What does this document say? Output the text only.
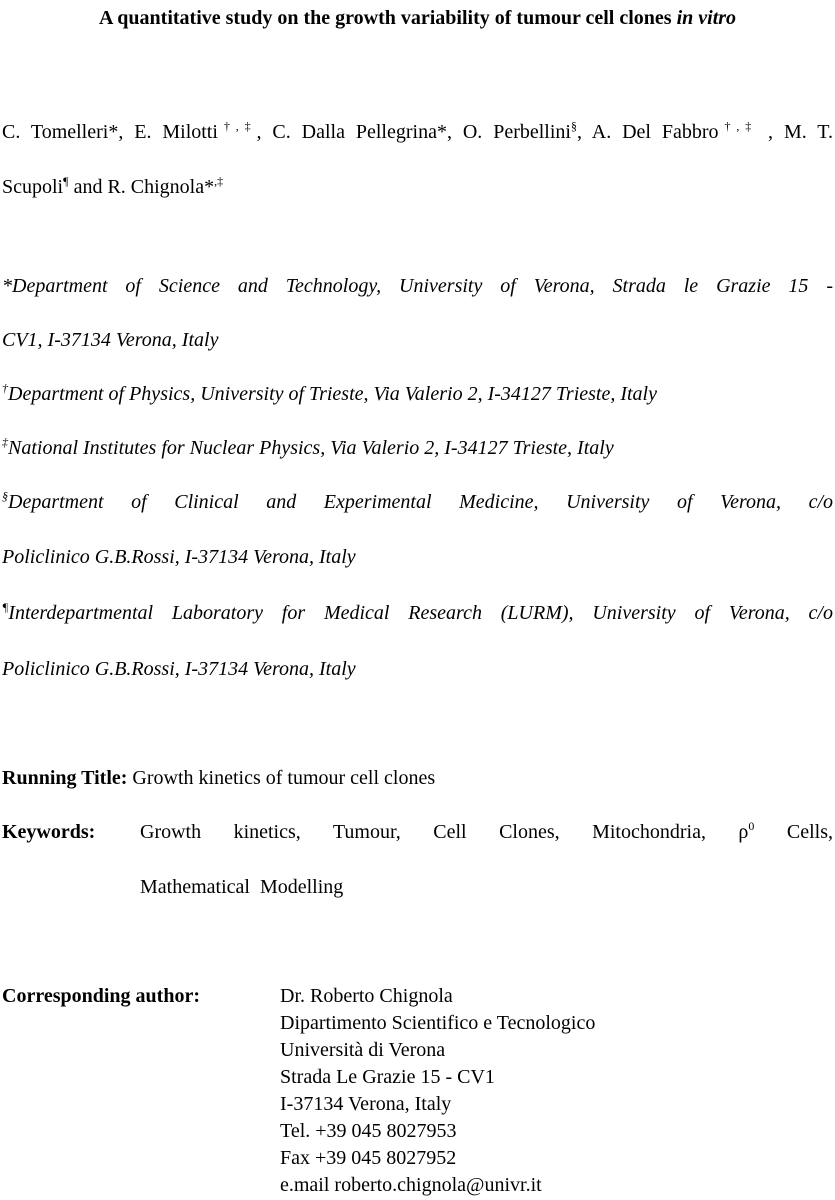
A quantitative study on the growth variability of tumour cell clones in vitro
C. Tomelleri*, E. Milotti†,‡, C. Dalla Pellegrina*, O. Perbellini§, A. Del Fabbro†,‡ , M. T.
Scupoli¶ and R. Chignola*,‡
*Department of Science and Technology, University of Verona, Strada le Grazie 15 -
CV1, I-37134 Verona, Italy
†Department of Physics, University of Trieste, Via Valerio 2, I-34127 Trieste, Italy
‡National Institutes for Nuclear Physics, Via Valerio 2, I-34127 Trieste, Italy
§Department of Clinical and Experimental Medicine, University of Verona, c/o
Policlinico G.B.Rossi, I-37134 Verona, Italy
¶Interdepartmental Laboratory for Medical Research (LURM), University of Verona, c/o
Policlinico G.B.Rossi, I-37134 Verona, Italy
Running Title: Growth kinetics of tumour cell clones
Keywords:	Growth kinetics, Tumour, Cell Clones, Mitochondria, $\rho^0$ Cells,
Mathematical  Modelling
Corresponding author:	Dr. Roberto Chignola
Dipartimento Scientifico e Tecnologico
Università di Verona
Strada Le Grazie 15 - CV1
I-37134 Verona, Italy
Tel. +39 045 8027953
Fax +39 045 8027952
e.mail roberto.chignola@univr.it
